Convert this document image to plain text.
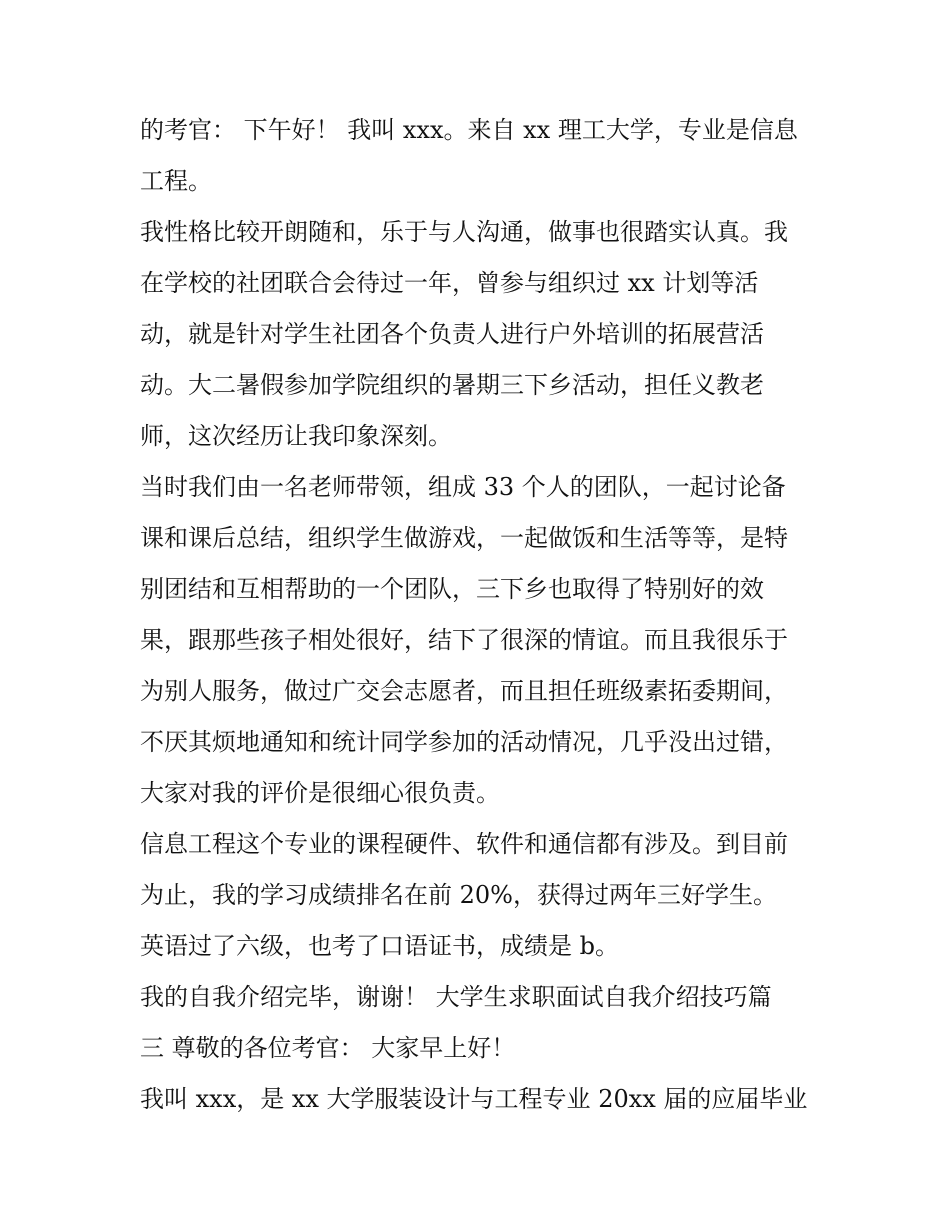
的考官： 下午好！ 我叫 xxx。来自 xx 理工大学，专业是信息
工程。
我性格比较开朗随和，乐于与人沟通，做事也很踏实认真。我
在学校的社团联合会待过一年，曾参与组织过 xx 计划等活
动，就是针对学生社团各个负责人进行户外培训的拓展营活
动。大二暑假参加学院组织的暑期三下乡活动，担任义教老
师，这次经历让我印象深刻。
当时我们由一名老师带领，组成 33 个人的团队，一起讨论备
课和课后总结，组织学生做游戏，一起做饭和生活等等，是特
别团结和互相帮助的一个团队，三下乡也取得了特别好的效
果，跟那些孩子相处很好，结下了很深的情谊。而且我很乐于
为别人服务，做过广交会志愿者，而且担任班级素拓委期间，
不厌其烦地通知和统计同学参加的活动情况，几乎没出过错，
大家对我的评价是很细心很负责。
信息工程这个专业的课程硬件、软件和通信都有涉及。到目前
为止，我的学习成绩排名在前 20%，获得过两年三好学生。
英语过了六级，也考了口语证书，成绩是 b。
我的自我介绍完毕，谢谢！ 大学生求职面试自我介绍技巧篇
三 尊敬的各位考官： 大家早上好！
我叫 xxx，是 xx 大学服装设计与工程专业 20xx 届的应届毕业
